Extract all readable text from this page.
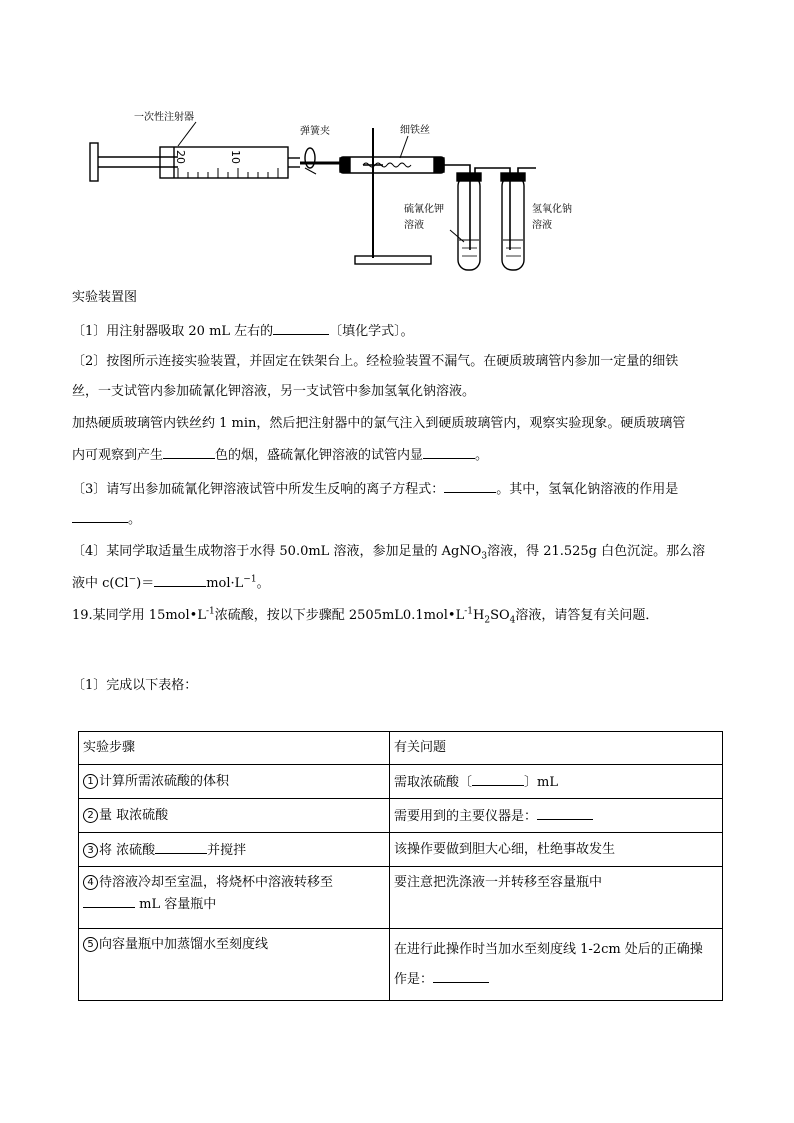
一次性注射器
20	10
弹簧夹	细铁丝
硫氰化钾
溶液
氢氧化钠
溶液
实验装置图
〔1〕用注射器吸取 20 mL 左右的	〔填化学式〕。
〔2〕按图所示连接实验装置，并固定在铁架台上。经检验装置不漏气。在硬质玻璃管内参加一定量的细铁
丝，一支试管内参加硫氰化钾溶液，另一支试管中参加氢氧化钠溶液。
加热硬质玻璃管内铁丝约 1 min，然后把注射器中的氯气注入到硬质玻璃管内，观察实验现象。硬质玻璃管
内可观察到产生	色的烟，盛硫氰化钾溶液的试管内显	。
〔3〕请写出参加硫氰化钾溶液试管中所发生反响的离子方程式：	。其中，氢氧化钠溶液的作用是
。
〔4〕某同学取适量生成物溶于水得 50.0mL 溶液，参加足量的 AgNO$_3$溶液，得 21.525g 白色沉淀。那么溶
液中 c(Cl−)＝	$mol\cdot L^{-1}$。
19.某同学用 $15mol•L^{-1}$浓硫酸，按以下步骤配 $2505mL0.1mol•L^{-1}H_2SO_4$溶液，请答复有关问题．
〔1〕完成以下表格：
实验步骤	有关问题
1 计算所需浓硫酸的体积	需取浓硫酸〔 〕mL
2 量 取浓硫酸	需要用到的主要仪器是：
3 将 浓硫酸 并搅拌	该操作要做到胆大心细，杜绝事故发生
4 待溶液冷却至室温，将烧杯中溶液转移至
mL 容量瓶中	要注意把洗涤液一并转移至容量瓶中
5 向容量瓶中加蒸馏水至刻度线	在进行此操作时当加水至刻度线 1-2cm 处后的正确操
作是：
